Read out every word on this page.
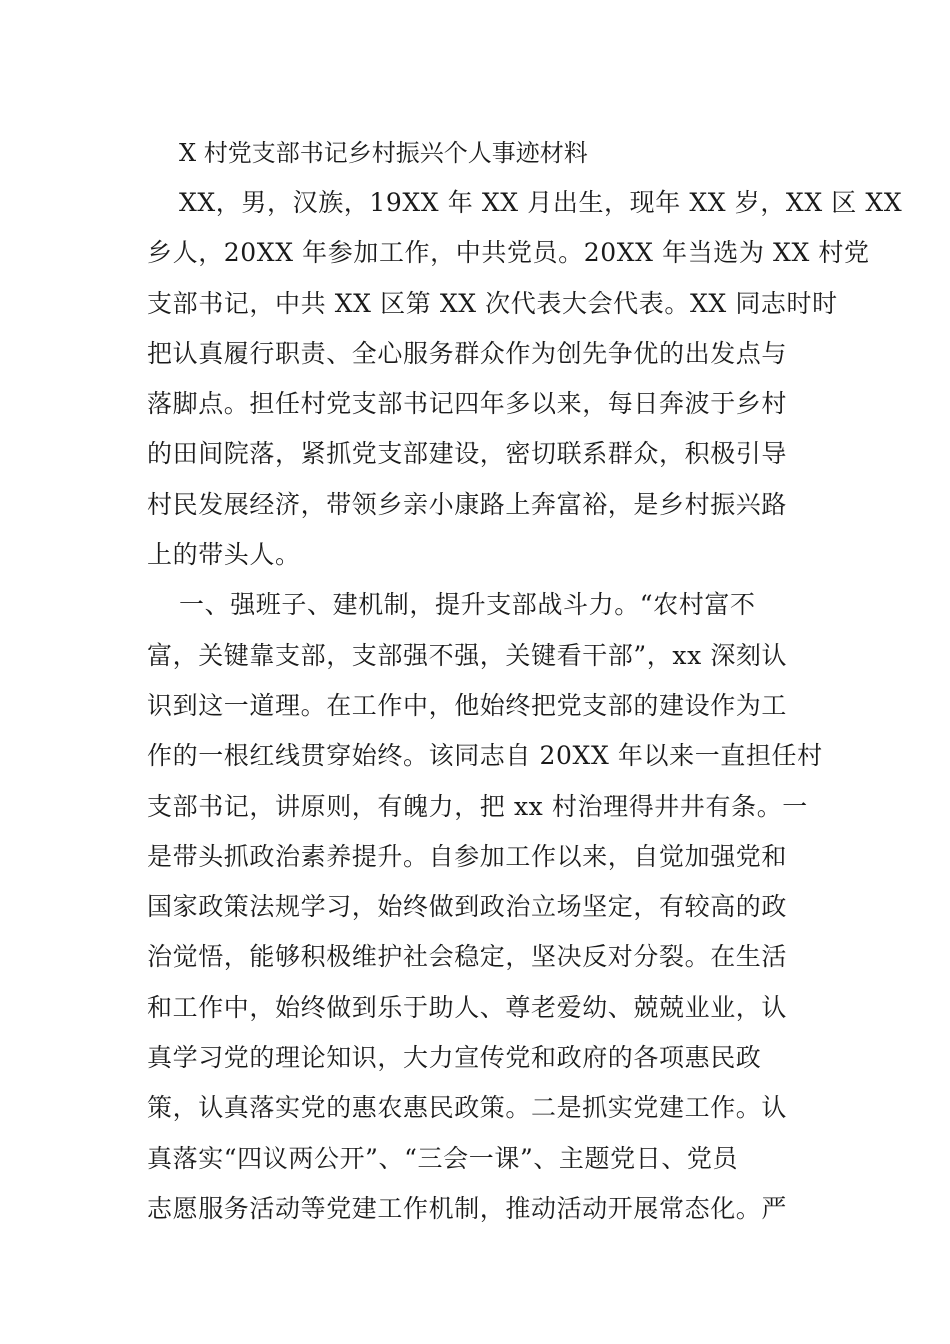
X 村党支部书记乡村振兴个人事迹材料
XX，男，汉族，19XX 年 XX 月出生，现年 XX 岁，XX 区 XX
乡人，20XX 年参加工作，中共党员。20XX 年当选为 XX 村党
支部书记，中共 XX 区第 XX 次代表大会代表。XX 同志时时
把认真履行职责、全心服务群众作为创先争优的出发点与
落脚点。担任村党支部书记四年多以来，每日奔波于乡村
的田间院落，紧抓党支部建设，密切联系群众，积极引导
村民发展经济，带领乡亲小康路上奔富裕，是乡村振兴路
上的带头人。
一、强班子、建机制，提升支部战斗力。“农村富不
富，关键靠支部，支部强不强，关键看干部”，xx 深刻认
识到这一道理。在工作中，他始终把党支部的建设作为工
作的一根红线贯穿始终。该同志自 20XX 年以来一直担任村
支部书记，讲原则，有魄力，把 xx 村治理得井井有条。一
是带头抓政治素养提升。自参加工作以来，自觉加强党和
国家政策法规学习，始终做到政治立场坚定，有较高的政
治觉悟，能够积极维护社会稳定，坚决反对分裂。在生活
和工作中，始终做到乐于助人、尊老爱幼、兢兢业业，认
真学习党的理论知识，大力宣传党和政府的各项惠民政
策，认真落实党的惠农惠民政策。二是抓实党建工作。认
真落实“四议两公开”、“三会一课”、主题党日、党员
志愿服务活动等党建工作机制，推动活动开展常态化。严
